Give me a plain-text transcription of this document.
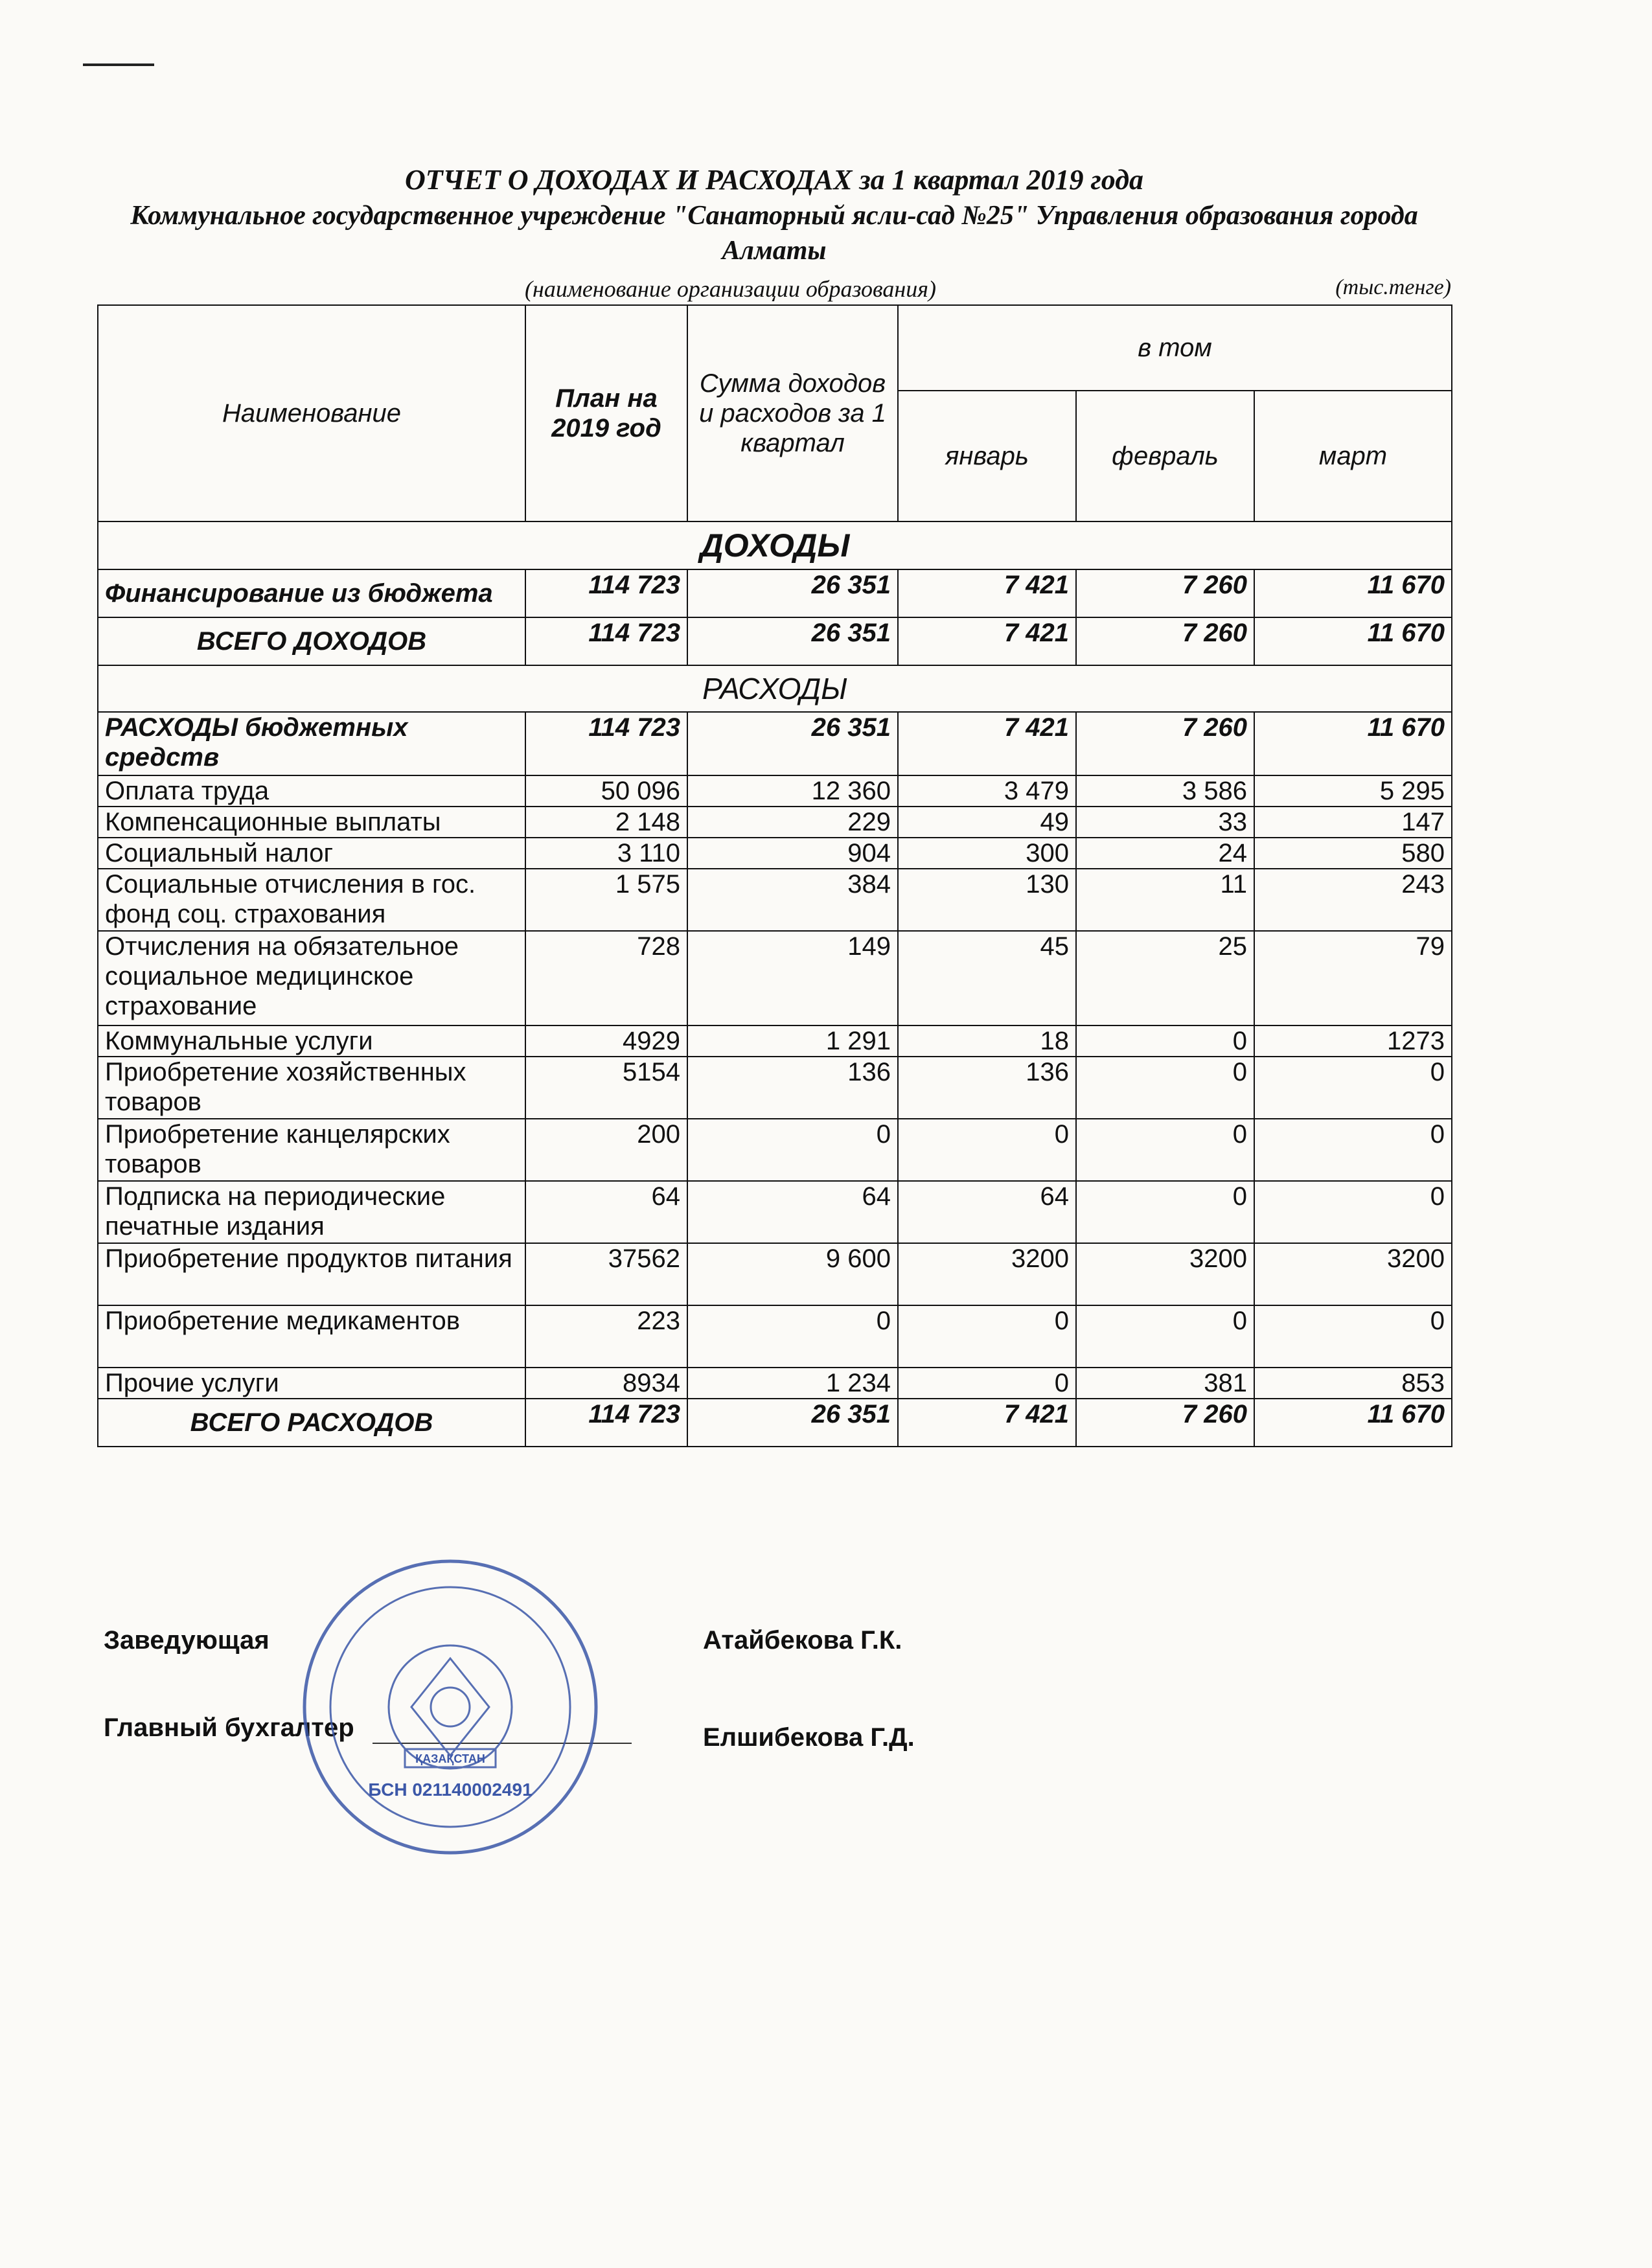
ОТЧЕТ О ДОХОДАХ И РАСХОДАХ за 1 квартал 2019 года
Коммунальное государственное учреждение "Санаторный ясли-сад №25" Управления образования города Алматы
(наименование организации образования)	(тыс.тенге)
Наименование	План на 2019 год	Сумма доходов и расходов за 1 квартал	в том		
			январь	февраль	март
ДОХОДЫ					
Финансирование из бюджета	114 723	26 351	7 421	7 260	11 670
ВСЕГО ДОХОДОВ	114 723	26 351	7 421	7 260	11 670
РАСХОДЫ					
РАСХОДЫ бюджетных средств	114 723	26 351	7 421	7 260	11 670
Оплата труда	50 096	12 360	3 479	3 586	5 295
Компенсационные выплаты	2 148	229	49	33	147
Социальный налог	3 110	904	300	24	580
Социальные отчисления в гос. фонд соц. страхования	1 575	384	130	11	243
Отчисления на обязательное социальное медицинское страхование	728	149	45	25	79
Коммунальные услуги	4929	1 291	18	0	1273
Приобретение хозяйственных товаров	5154	136	136	0	0
Приобретение канцелярских товаров	200	0	0	0	0
Подписка на периодические печатные издания	64	64	64	0	0
Приобретение продуктов питания	37562	9 600	3200	3200	3200
Приобретение медикаментов	223	0	0	0	0
Прочие услуги	8934	1 234	0	381	853
ВСЕГО РАСХОДОВ	114 723	26 351	7 421	7 260	11 670
Заведующая	Атайбекова Г.К.
Главный бухгалтер	Елшибекова Г.Д.
БСН 021140002491
ҚАЗАҚСТАН
